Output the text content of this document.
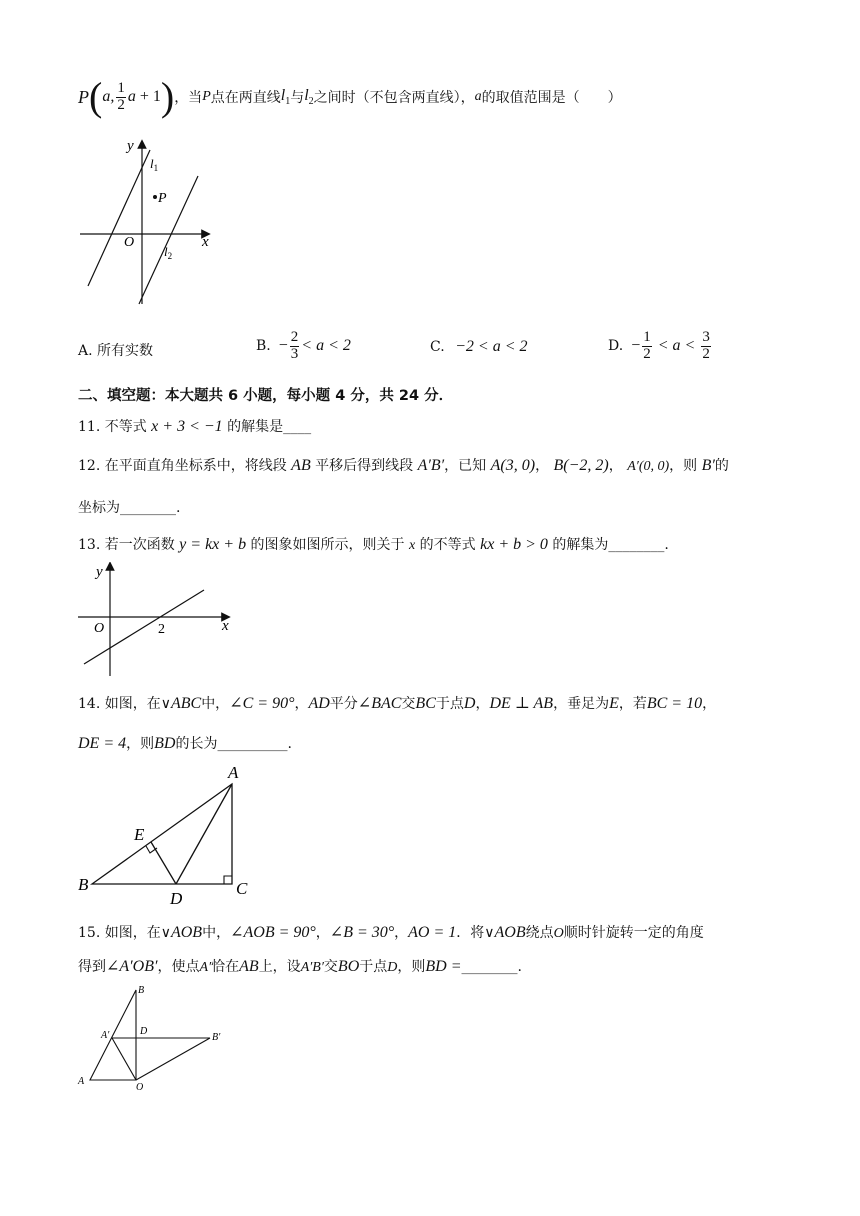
P ( a, $\frac{1}{2}$ a + 1 ) ，当 P 点在两直线 $l_1$ 与 $l_2$ 之间时（不包含两直线）， a 的取值范围是（　　）
y
x
O
P
$l_1$
$l_2$
A. 所有实数	B. − $\frac{2}{3} < a < 2$	C. −2 < a < 2	D. − $\frac{1}{2} < a < \frac{3}{2}$
二、填空题：本大题共 6 小题，每小题 4 分，共 24 分．
11. 不等式 x + 3 < −1 的解集是____
12. 在平面直角坐标系中，将线段 AB 平移后得到线段 A′B′，已知 A(3, 0)， B(−2, 2)， A′(0, 0)，则 B′的
坐标为________.
13. 若一次函数 y = kx + b 的图象如图所示，则关于 x 的不等式 kx + b > 0 的解集为________.
y
x
O	2
14. 如图，在∨ABC中，∠C = 90°，AD平分∠BAC交BC于点D，DE ⊥ AB，垂足为E，若BC = 10，
DE = 4，则BD的长为__________.
A
B	C
D
E
15. 如图，在∨AOB中，∠AOB = 90°，∠B = 30°，AO = 1．将∨AOB绕点O顺时针旋转一定的角度
得到∠A′OB′，使点A′恰在AB上，设A′B′交BO于点D，则BD =________.
B
A′	D
B′
A
O
